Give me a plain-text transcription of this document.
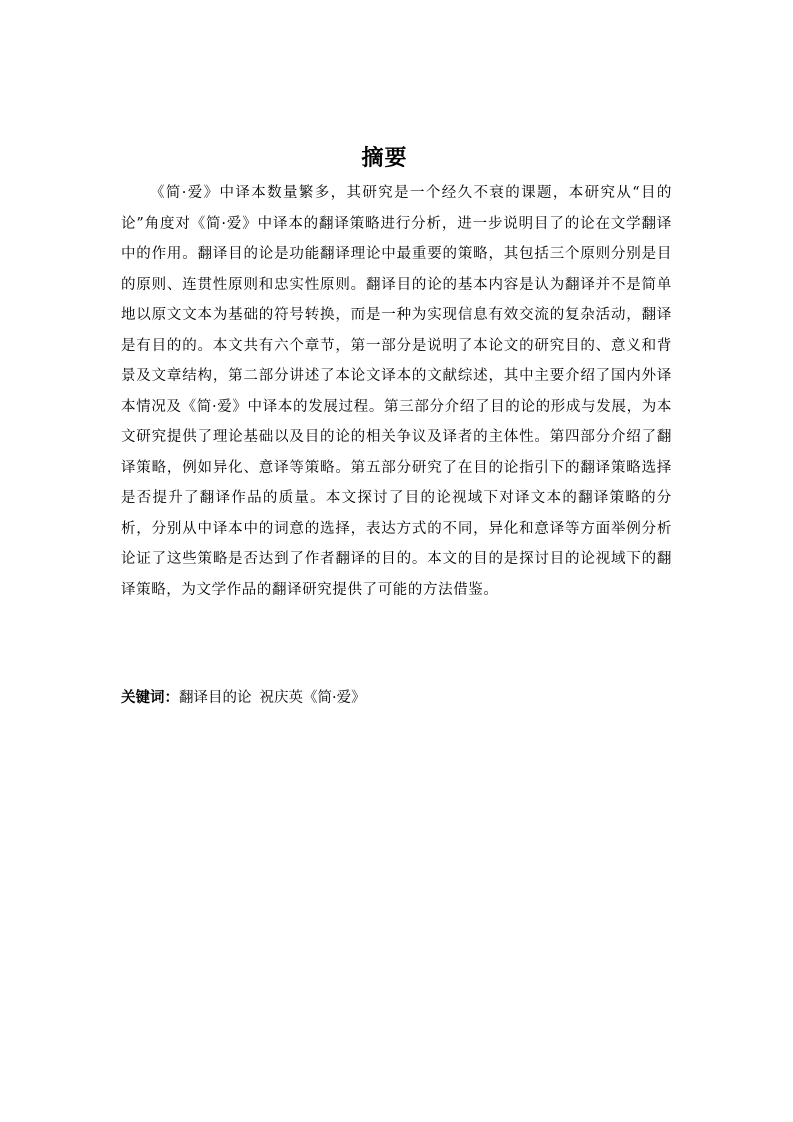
摘要

《简·爱》中译本数量繁多，其研究是一个经久不衰的课题，本研究从“目的论”角度对《简·爱》中译本的翻译策略进行分析，进一步说明目了的论在文学翻译中的作用。翻译目的论是功能翻译理论中最重要的策略，其包括三个原则分别是目的原则、连贯性原则和忠实性原则。翻译目的论的基本内容是认为翻译并不是简单地以原文文本为基础的符号转换，而是一种为实现信息有效交流的复杂活动，翻译是有目的的。本文共有六个章节，第一部分是说明了本论文的研究目的、意义和背景及文章结构，第二部分讲述了本论文译本的文献综述，其中主要介绍了国内外译本情况及《简·爱》中译本的发展过程。第三部分介绍了目的论的形成与发展，为本文研究提供了理论基础以及目的论的相关争议及译者的主体性。第四部分介绍了翻译策略，例如异化、意译等策略。第五部分研究了在目的论指引下的翻译策略选择是否提升了翻译作品的质量。本文探讨了目的论视域下对译文本的翻译策略的分析，分别从中译本中的词意的选择，表达方式的不同，异化和意译等方面举例分析论证了这些策略是否达到了作者翻译的目的。本文的目的是探讨目的论视域下的翻译策略，为文学作品的翻译研究提供了可能的方法借鉴。

关键词：翻译目的论 祝庆英《简·爱》
